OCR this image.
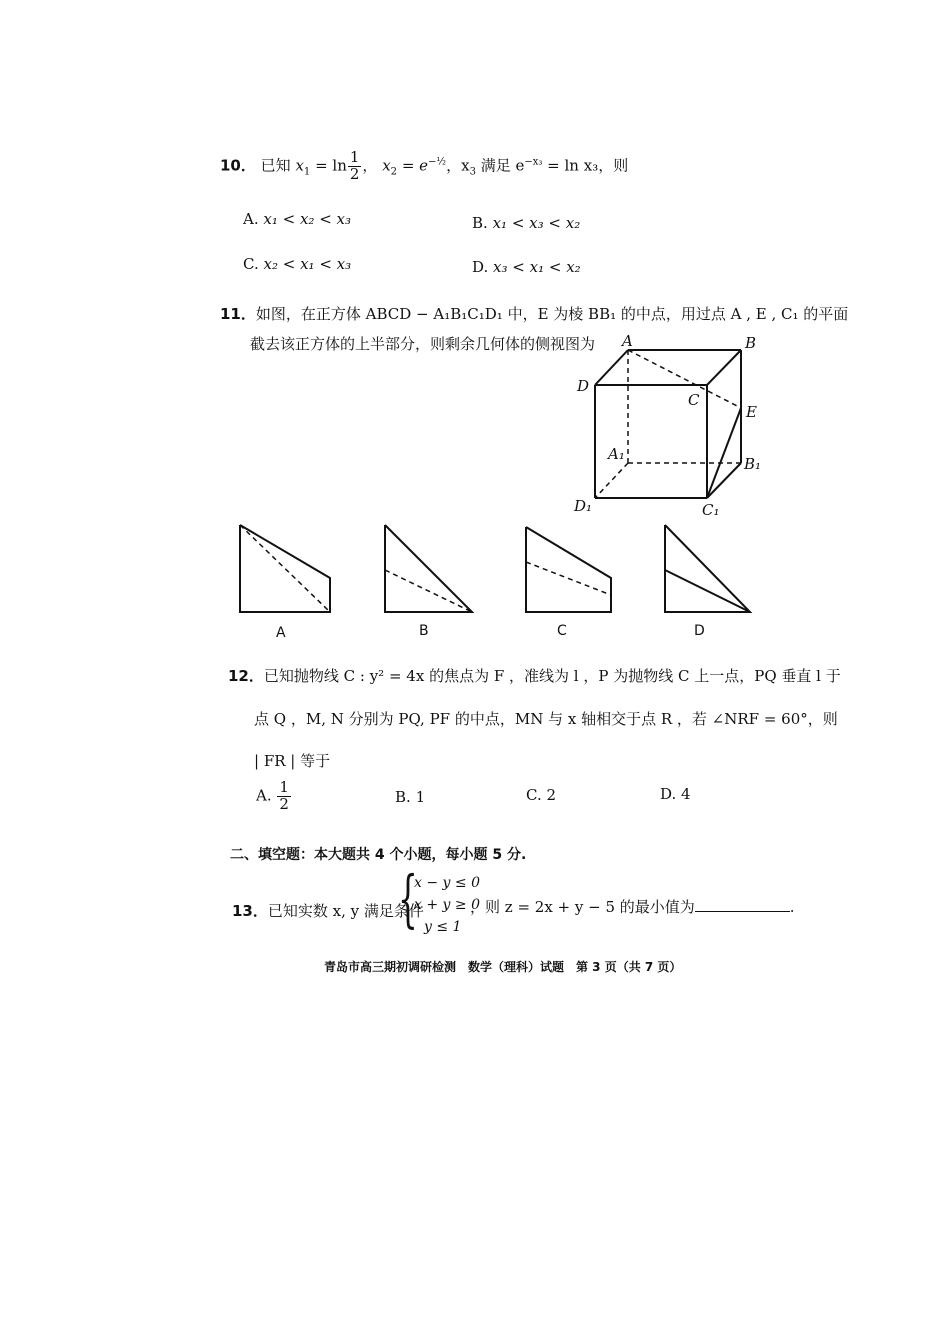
10． 已知 $x_1 = \ln \frac{1}{2}$ ， $x_2 = e^{-\frac{1}{2}}$，$x_3$ 满足 $e^{-x_3} = \ln x_3$，则
A. x₁ < x₂ < x₃	B. x₁ < x₃ < x₂
C. x₂ < x₁ < x₃	D. x₃ < x₁ < x₂
11．如图，在正方体 ABCD − A₁B₁C₁D₁ 中，E 为棱 BB₁ 的中点，用过点 A , E , C₁ 的平面
截去该正方体的上半部分，则剩余几何体的侧视图为 A	B
C
D
E
A₁
B₁
C₁
D₁
A	B	C	D
12．已知抛物线 C : y² = 4x 的焦点为 F ，准线为 l ，P 为抛物线 C 上一点，PQ 垂直 l 于
点 Q ，M, N 分别为 PQ, PF 的中点，MN 与 x 轴相交于点 R ，若 ∠NRF = 60°，则
| FR | 等于
A. $\frac{1}{2}$	B. 1	C. 2	D. 4
二、填空题：本大题共 4 个小题，每小题 5 分.
13．已知实数 x, y 满足条件
{
x − y ≤ 0
x + y ≥ 0
y ≤ 1
，则 z = 2x + y − 5 的最小值为	.
青岛市高三期初调研检测　数学（理科）试题　第 3 页（共 7 页）
